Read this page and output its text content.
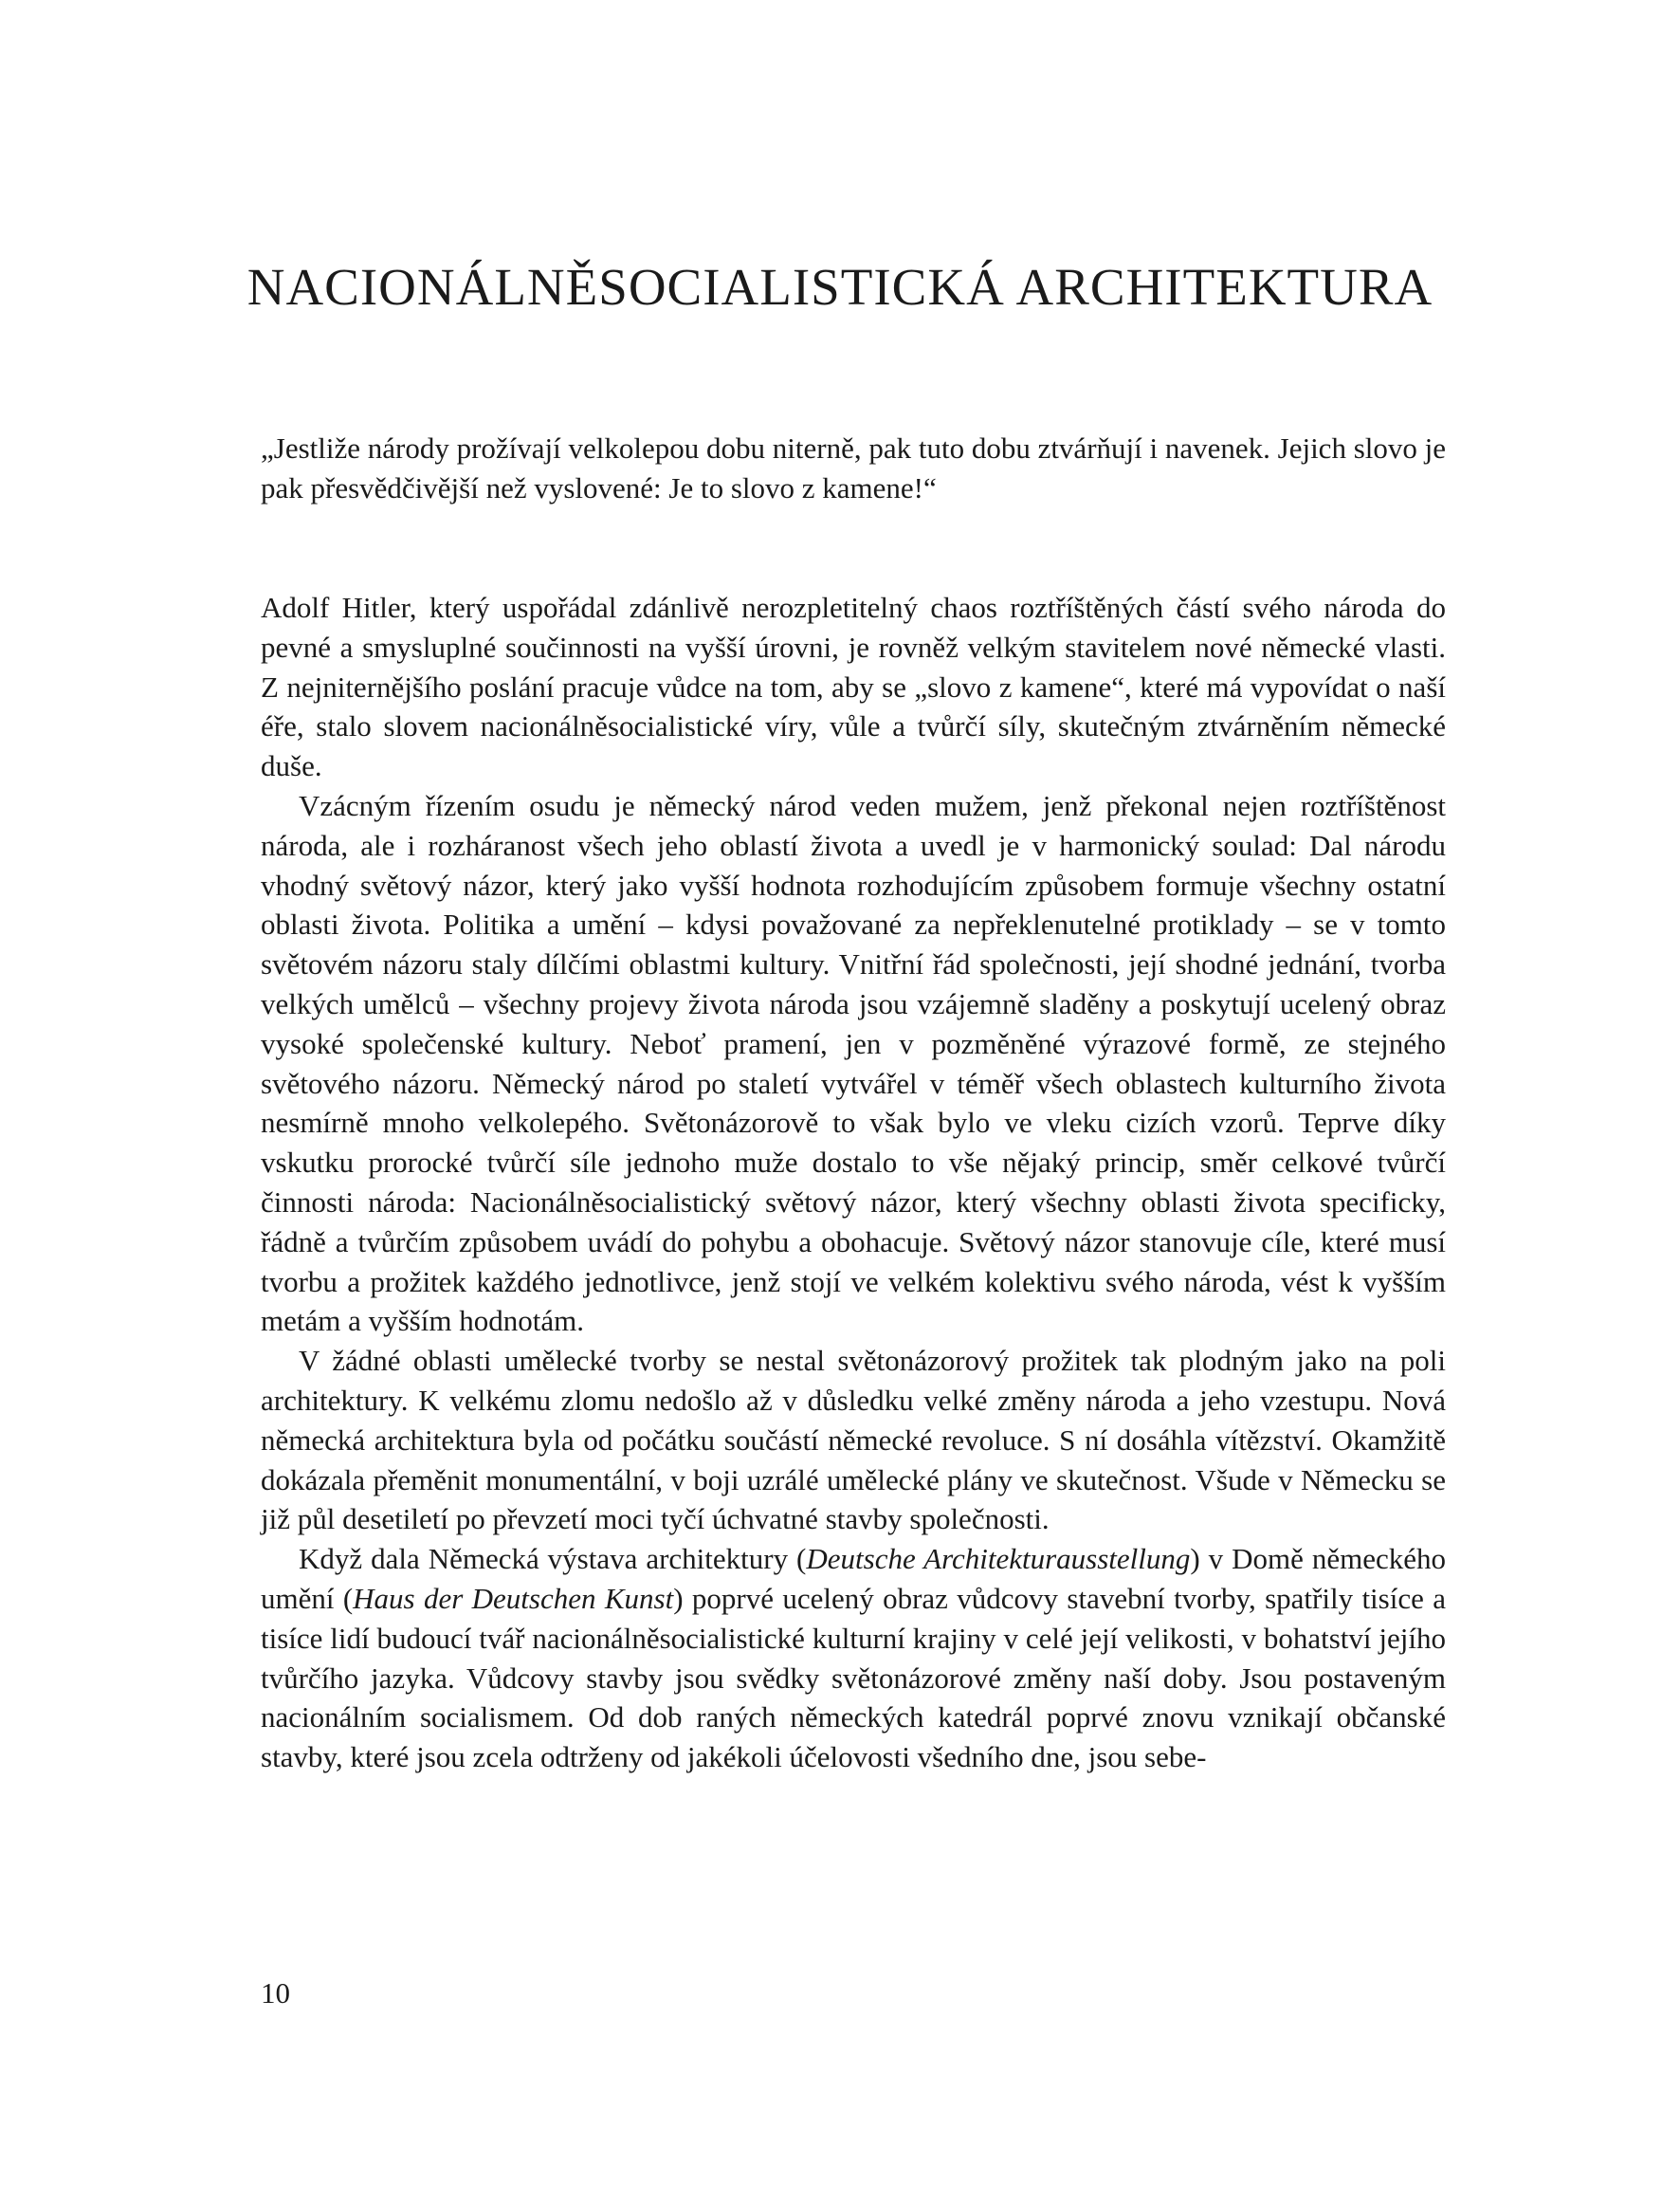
NACIONÁLNĚSOCIALISTICKÁ ARCHITEKTURA

„Jestliže národy prožívají velkolepou dobu niterně, pak tuto dobu ztvárňují i navenek. Jejich slovo je pak přesvědčivější než vyslovené: Je to slovo z kamene!“

Adolf Hitler, který uspořádal zdánlivě nerozpletitelný chaos roztříštěných částí svého národa do pevné a smysluplné součinnosti na vyšší úrovni, je rovněž velkým stavitelem nové německé vlasti. Z nejniternějšího poslání pracuje vůdce na tom, aby se „slovo z kamene“, které má vypovídat o naší éře, stalo slovem nacionálněsocialistické víry, vůle a tvůrčí síly, skutečným ztvárněním německé duše.

Vzácným řízením osudu je německý národ veden mužem, jenž překonal nejen roztříštěnost národa, ale i rozháranost všech jeho oblastí života a uvedl je v harmonický soulad: Dal národu vhodný světový názor, který jako vyšší hodnota rozhodujícím způsobem formuje všechny ostatní oblasti života. Politika a umění – kdysi považované za nepřeklenutelné protiklady – se v tomto světovém názoru staly dílčími oblastmi kultury. Vnitřní řád společnosti, její shodné jednání, tvorba velkých umělců – všechny projevy života národa jsou vzájemně sladěny a poskytují ucelený obraz vysoké společenské kultury. Neboť pramení, jen v pozměněné výrazové formě, ze stejného světového názoru. Německý národ po staletí vytvářel v téměř všech oblastech kulturního života nesmírně mnoho velkolepého. Světonázorově to však bylo ve vleku cizích vzorů. Teprve díky vskutku prorocké tvůrčí síle jednoho muže dostalo to vše nějaký princip, směr celkové tvůrčí činnosti národa: Nacionálněsocialistický světový názor, který všechny oblasti života specificky, řádně a tvůrčím způsobem uvádí do pohybu a obohacuje. Světový názor stanovuje cíle, které musí tvorbu a prožitek každého jednotlivce, jenž stojí ve velkém kolektivu svého národa, vést k vyšším metám a vyšším hodnotám.

V žádné oblasti umělecké tvorby se nestal světonázorový prožitek tak plodným jako na poli architektury. K velkému zlomu nedošlo až v důsledku velké změny národa a jeho vzestupu. Nová německá architektura byla od počátku součástí německé revoluce. S ní dosáhla vítězství. Okamžitě dokázala přeměnit monumentální, v boji uzrálé umělecké plány ve skutečnost. Všude v Německu se již půl desetiletí po převzetí moci tyčí úchvatné stavby společnosti.

Když dala Německá výstava architektury (Deutsche Architekturausstellung) v Domě německého umění (Haus der Deutschen Kunst) poprvé ucelený obraz vůdcovy stavební tvorby, spatřily tisíce a tisíce lidí budoucí tvář nacionálněsocialistické kulturní krajiny v celé její velikosti, v bohatství jejího tvůrčího jazyka. Vůdcovy stavby jsou svědky světonázorové změny naší doby. Jsou postaveným nacionálním socialismem. Od dob raných německých katedrál poprvé znovu vznikají občanské stavby, které jsou zcela odtrženy od jakékoli účelovosti všedního dne, jsou sebe-

10
